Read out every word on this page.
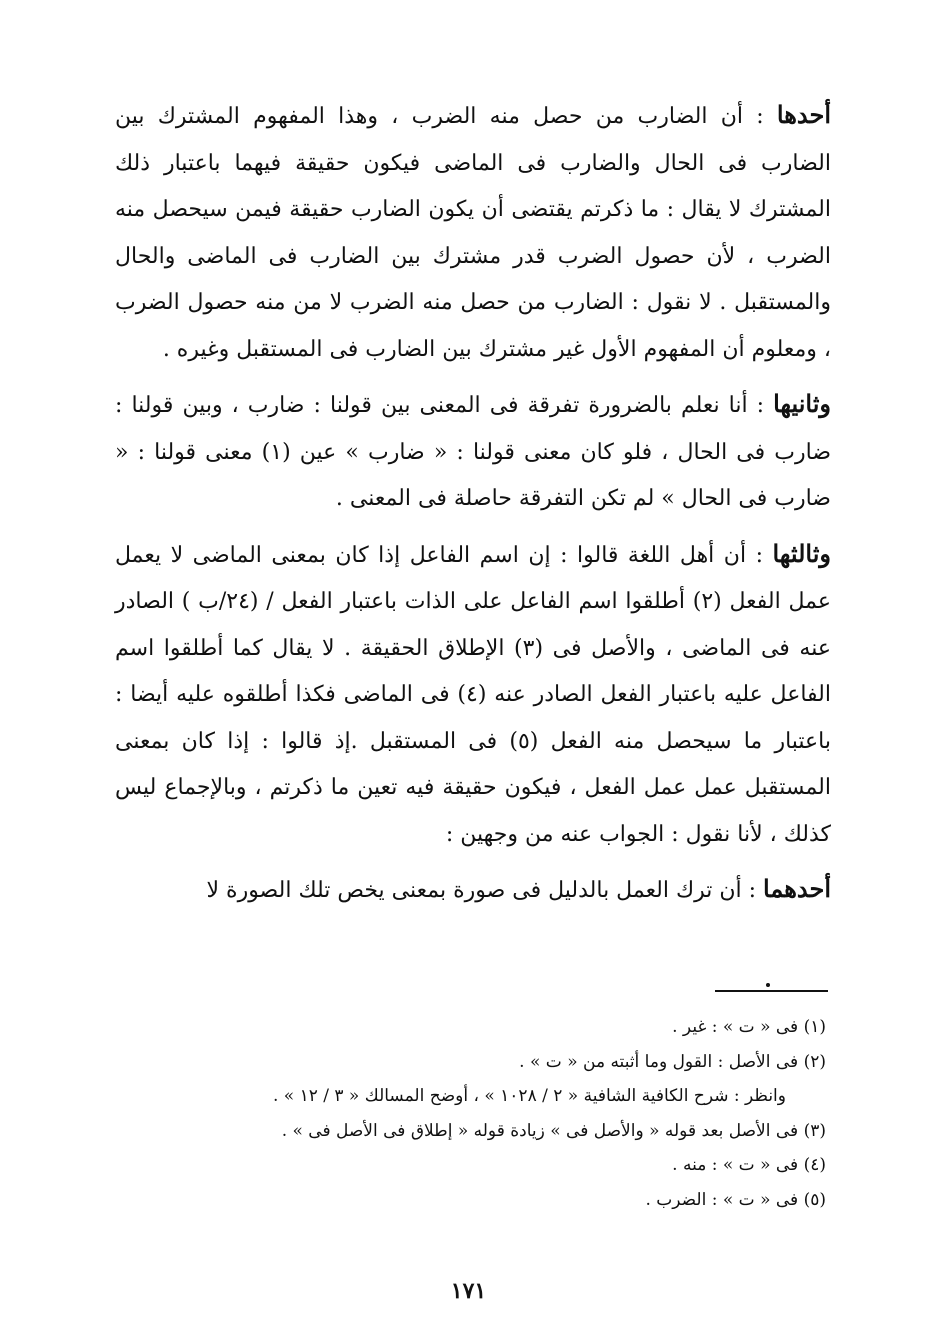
أحدها : أن الضارب من حصل منه الضرب ، وهذا المفهوم المشترك بين الضارب فى الحال والضارب فى الماضى فيكون حقيقة فيهما باعتبار ذلك المشترك لا يقال : ما ذكرتم يقتضى أن يكون الضارب حقيقة فيمن سيحصل منه الضرب ، لأن حصول الضرب قدر مشترك بين الضارب فى الماضى والحال والمستقبل . لا نقول : الضارب من حصل منه الضرب لا من منه حصول الضرب ، ومعلوم أن المفهوم الأول غير مشترك بين الضارب فى المستقبل وغيره .

وثانيها : أنا نعلم بالضرورة تفرقة فى المعنى بين قولنا : ضارب ، وبين قولنا : ضارب فى الحال ، فلو كان معنى قولنا : « ضارب » عين (١) معنى قولنا : « ضارب فى الحال » لم تكن التفرقة حاصلة فى المعنى .

وثالثها : أن أهل اللغة قالوا : إن اسم الفاعل إذا كان بمعنى الماضى لا يعمل عمل الفعل (٢) أطلقوا اسم الفاعل على الذات باعتبار الفعل / (٢٤/ب ) الصادر عنه فى الماضى ، والأصل فى (٣) الإطلاق الحقيقة . لا يقال كما أطلقوا اسم الفاعل عليه باعتبار الفعل الصادر عنه (٤) فى الماضى فكذا أطلقوه عليه أيضا : باعتبار ما سيحصل منه الفعل (٥) فى المستقبل .إذ قالوا : إذا كان بمعنى المستقبل عمل عمل الفعل ، فيكون حقيقة فيه تعين ما ذكرتم ، وبالإجماع ليس كذلك ، لأنا نقول : الجواب عنه من وجهين :

أحدهما : أن ترك العمل بالدليل فى صورة بمعنى يخص تلك الصورة لا

(١) فى « ت » : غير .
(٢) فى الأصل : القول وما أثبته من « ت » .
وانظر : شرح الكافية الشافية « ٢ / ١٠٢٨ » ، أوضح المسالك « ٣ / ١٢ » .
(٣) فى الأصل بعد قوله « والأصل فى » زيادة قوله « إطلاق فى الأصل فى » .
(٤) فى « ت » : منه .
(٥) فى « ت » : الضرب .
١٧١
